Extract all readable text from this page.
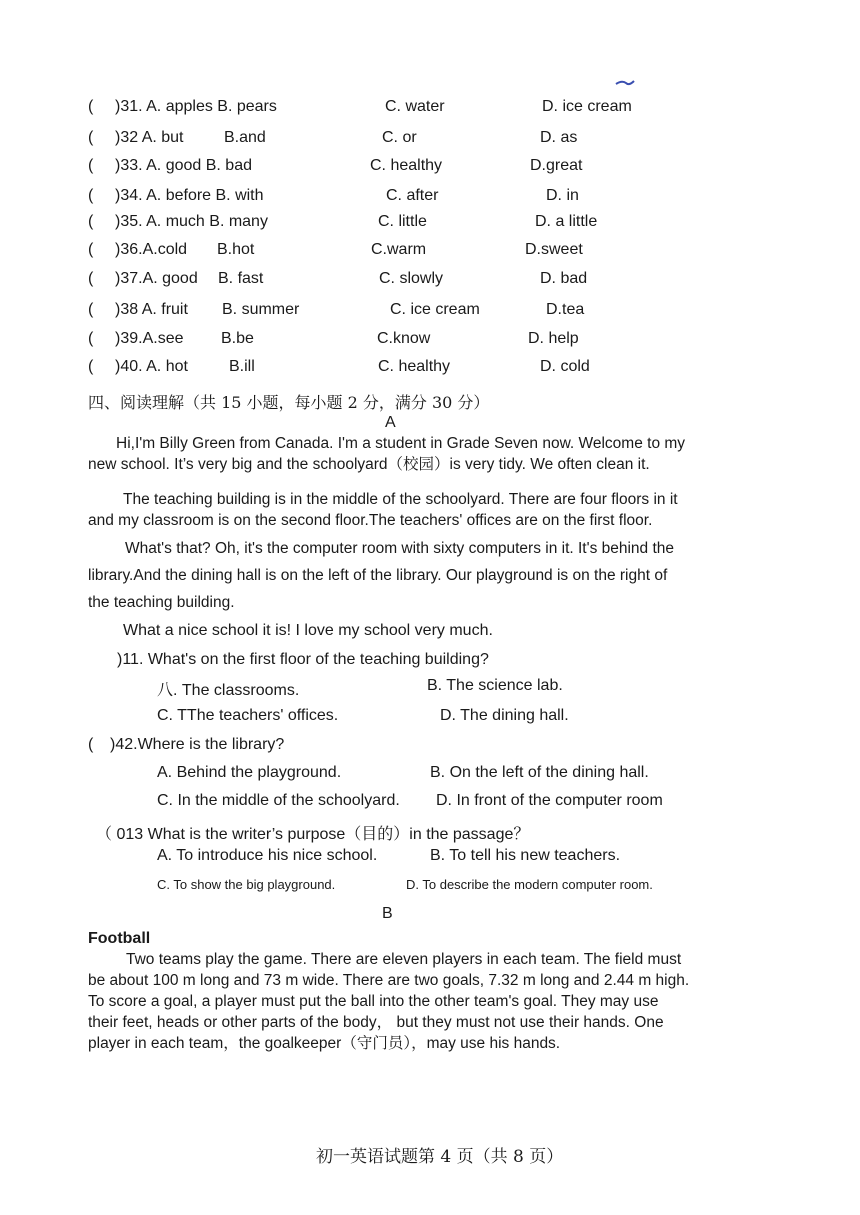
( )31. A. apples B. pears	C. water	D. ice cream
( )32 A. but	B.and	C. or	D. as
( )33. A. good B. bad	C. healthy	D.great
( )34. A. before B. with	C. after	D. in
( )35. A. much B. many	C. little	D. a little
( )36.A.cold B.hot	C.warm	D.sweet
( )37.A. good B. fast	C. slowly	D. bad
( )38 A. fruit B. summer	C. ice cream	D.tea
( )39.A.see B.be	C.know	D. help
( )40. A. hot	B.ill	C. healthy	D. cold
四、阅读理解（共 15 小题，每小题 2 分，满分 30 分）
A
Hi,I'm Billy Green from Canada. I'm a student in Grade Seven now. Welcome to my
new school. It’s very big and the schoolyard（校园）is very tidy. We often clean it.
The teaching building is in the middle of the schoolyard. There are four floors in it
and my classroom is on the second floor.The teachers' offices are on the first floor.
What's that? Oh, it's the computer room with sixty computers in it. It's behind the
library.And the dining hall is on the left of the library. Our playground is on the right of
the teaching building.
What a nice school it is! I love my school very much.
)11. What's on the first floor of the teaching building?
八. The classrooms.	B. The science lab.
C. TThe teachers' offices.	D. The dining hall.
( )42.Where is the library?
A. Behind the playground.	B. On the left of the dining hall.
C. In the middle of the schoolyard. D. In front of the computer room
（ 013 What is the writer’s purpose（目的）in the passage？
A. To introduce his nice school.	B. To tell his new teachers.
C. To show the big playground.	D. To describe the modern computer room.
B
Football
Two teams play the game. There are eleven players in each team. The field must
be about 100 m long and 73 m wide. There are two goals, 7.32 m long and 2.44 m high.
To score a goal, a player must put the ball into the other team's goal. They may use
their feet, heads or other parts of the body， but they must not use their hands. One
player in each team，the goalkeeper（守门员），may use his hands.
初一英语试题第 4 页（共 8 页）
